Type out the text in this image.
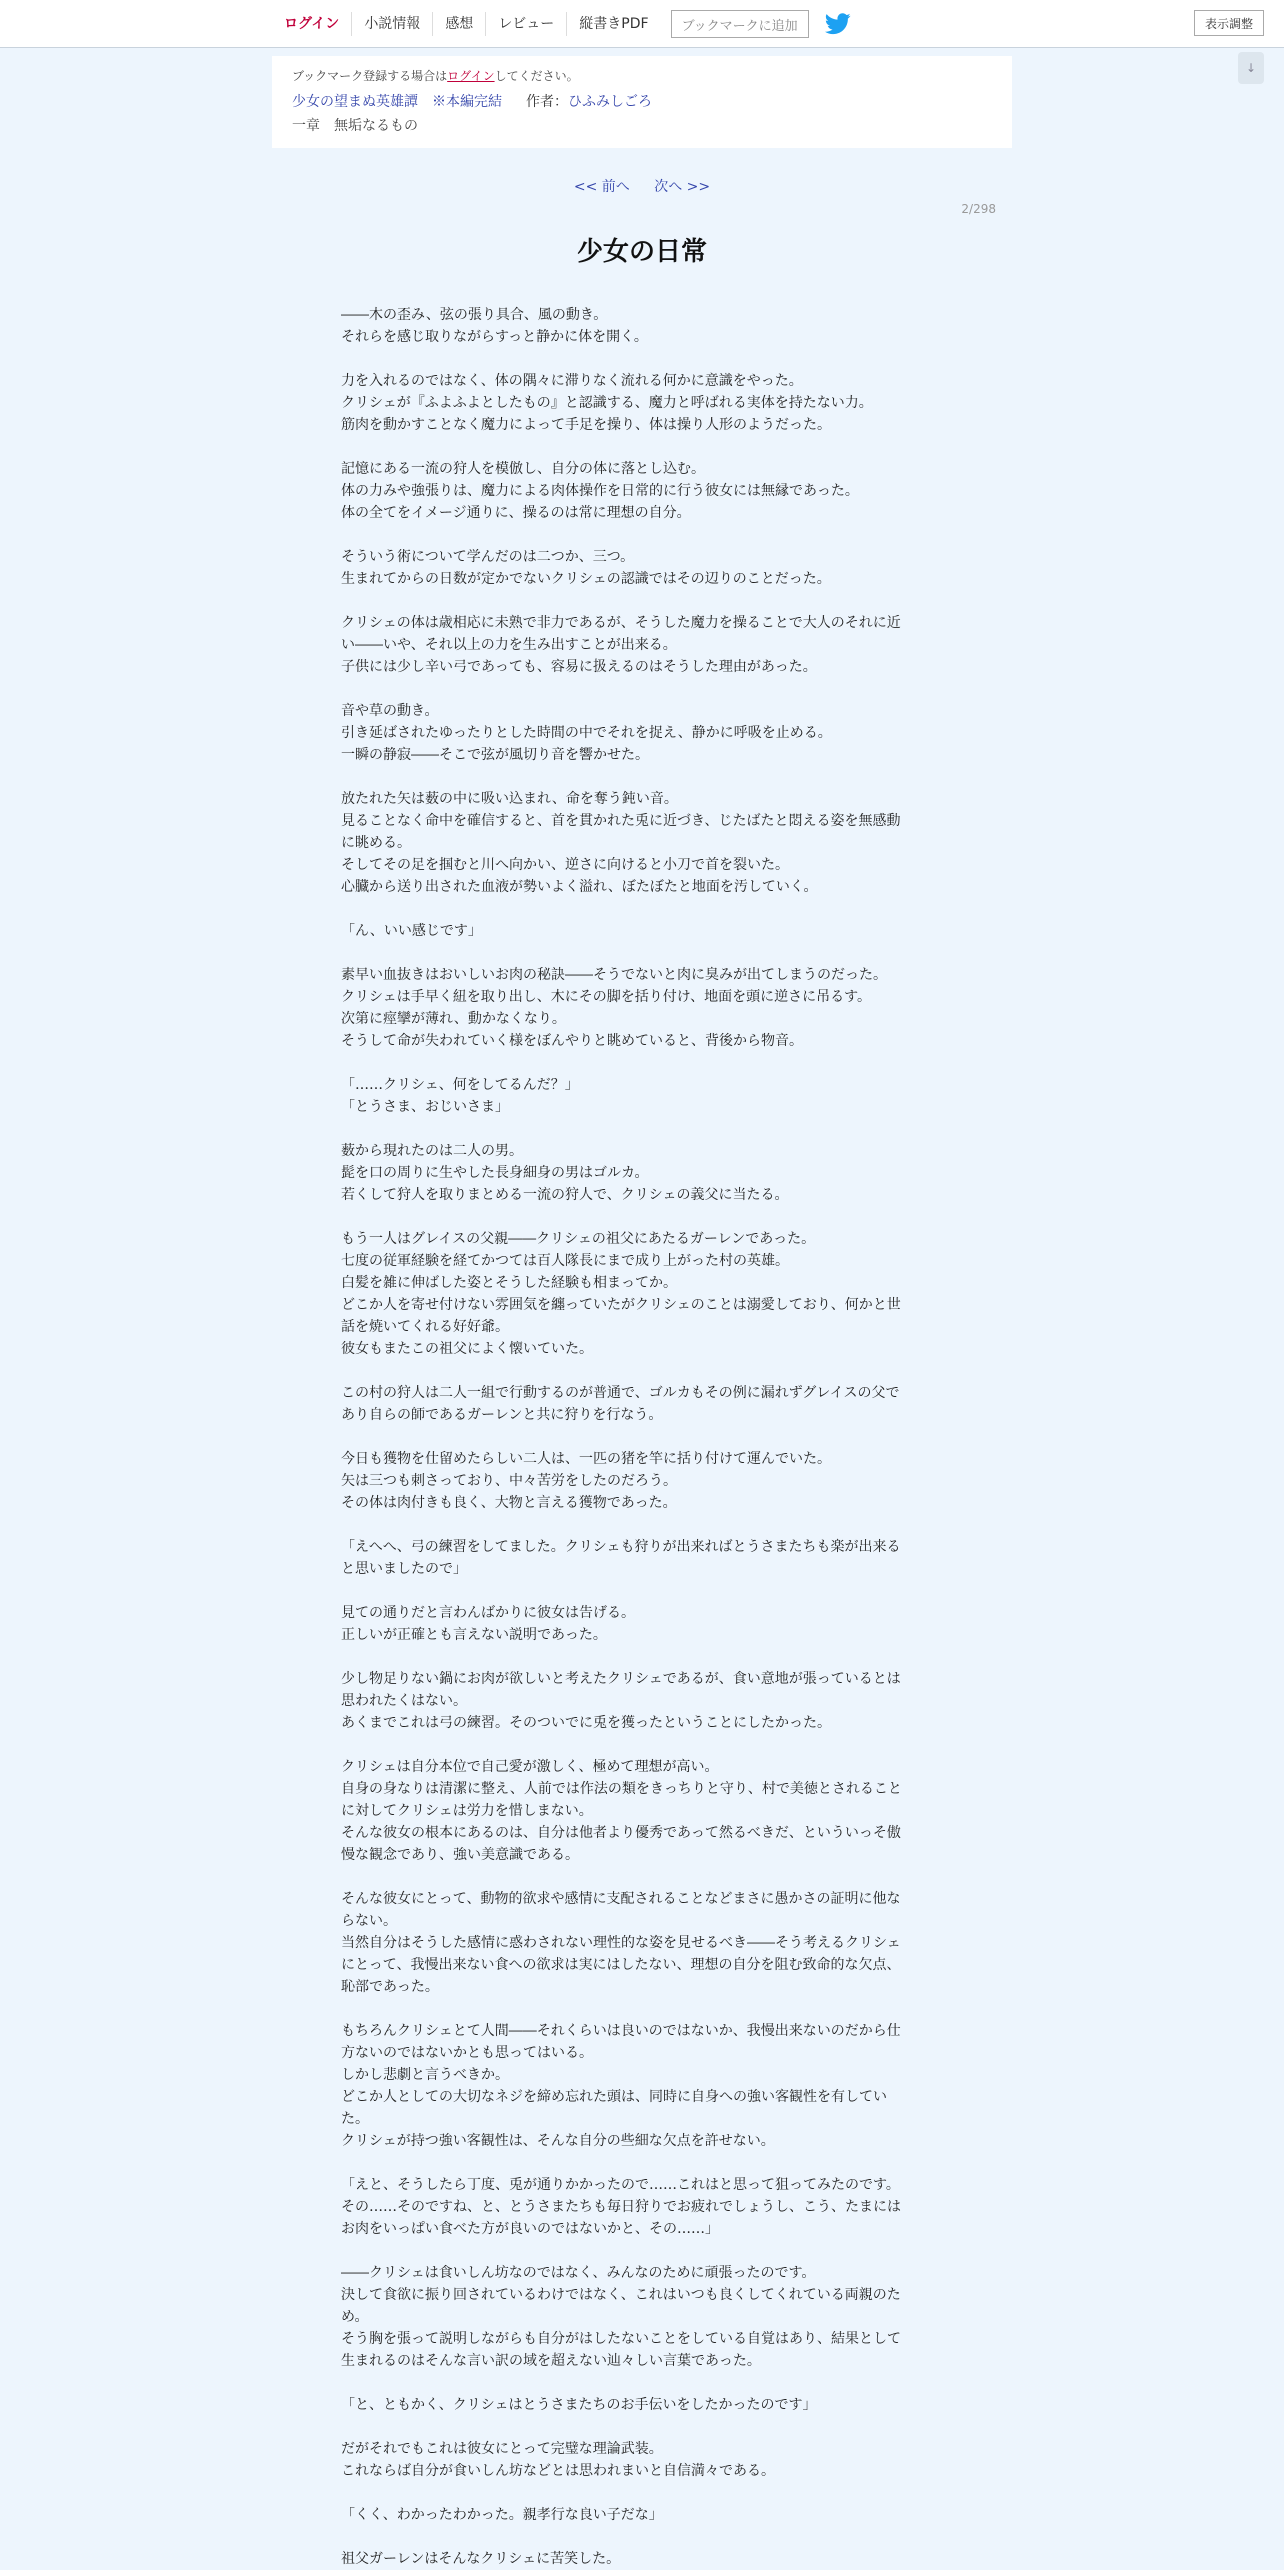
ログイン	小説情報	感想	レビュー	縦書きPDF	ブックマークに追加	表示調整
↓
ブックマーク登録する場合はログインしてください。
少女の望まぬ英雄譚 ※本編完結 作者：ひふみしごろ
一章　無垢なるもの
<< 前へ 次へ >>
2/298
少女の日常

――木の歪み、弦の張り具合、風の動き。

それらを感じ取りながらすっと静かに体を開く。

力を入れるのではなく、体の隅々に滞りなく流れる何かに意識をやった。

クリシェが『ふよふよとしたもの』と認識する、魔力と呼ばれる実体を持たない力。

筋肉を動かすことなく魔力によって手足を操り、体は操り人形のようだった。

記憶にある一流の狩人を模倣し、自分の体に落とし込む。

体の力みや強張りは、魔力による肉体操作を日常的に行う彼女には無縁であった。

体の全てをイメージ通りに、操るのは常に理想の自分。

そういう術について学んだのは二つか、三つ。

生まれてからの日数が定かでないクリシェの認識ではその辺りのことだった。

クリシェの体は歳相応に未熟で非力であるが、そうした魔力を操ることで大人のそれに近

い――いや、それ以上の力を生み出すことが出来る。

子供には少し辛い弓であっても、容易に扱えるのはそうした理由があった。

音や草の動き。

引き延ばされたゆったりとした時間の中でそれを捉え、静かに呼吸を止める。

一瞬の静寂――そこで弦が風切り音を響かせた。

放たれた矢は薮の中に吸い込まれ、命を奪う鈍い音。

見ることなく命中を確信すると、首を貫かれた兎に近づき、じたばたと悶える姿を無感動

に眺める。

そしてその足を掴むと川へ向かい、逆さに向けると小刀で首を裂いた。

心臓から送り出された血液が勢いよく溢れ、ぼたぼたと地面を汚していく。

「ん、いい感じです」

素早い血抜きはおいしいお肉の秘訣――そうでないと肉に臭みが出てしまうのだった。

クリシェは手早く紐を取り出し、木にその脚を括り付け、地面を頭に逆さに吊るす。

次第に痙攣が薄れ、動かなくなり。

そうして命が失われていく様をぼんやりと眺めていると、背後から物音。

「……クリシェ、何をしてるんだ？」

「とうさま、おじいさま」

薮から現れたのは二人の男。

髭を口の周りに生やした長身細身の男はゴルカ。

若くして狩人を取りまとめる一流の狩人で、クリシェの義父に当たる。

もう一人はグレイスの父親――クリシェの祖父にあたるガーレンであった。

七度の従軍経験を経てかつては百人隊長にまで成り上がった村の英雄。

白髪を雑に伸ばした姿とそうした経験も相まってか。

どこか人を寄せ付けない雰囲気を纏っていたがクリシェのことは溺愛しており、何かと世

話を焼いてくれる好好爺。

彼女もまたこの祖父によく懐いていた。

この村の狩人は二人一組で行動するのが普通で、ゴルカもその例に漏れずグレイスの父で

あり自らの師であるガーレンと共に狩りを行なう。

今日も獲物を仕留めたらしい二人は、一匹の猪を竿に括り付けて運んでいた。

矢は三つも刺さっており、中々苦労をしたのだろう。

その体は肉付きも良く、大物と言える獲物であった。

「えへへ、弓の練習をしてました。クリシェも狩りが出来ればとうさまたちも楽が出来る

と思いましたので」

見ての通りだと言わんばかりに彼女は告げる。

正しいが正確とも言えない説明であった。

少し物足りない鍋にお肉が欲しいと考えたクリシェであるが、食い意地が張っているとは

思われたくはない。

あくまでこれは弓の練習。そのついでに兎を獲ったということにしたかった。

クリシェは自分本位で自己愛が激しく、極めて理想が高い。

自身の身なりは清潔に整え、人前では作法の類をきっちりと守り、村で美徳とされること

に対してクリシェは労力を惜しまない。

そんな彼女の根本にあるのは、自分は他者より優秀であって然るべきだ、といういっそ傲

慢な観念であり、強い美意識である。

そんな彼女にとって、動物的欲求や感情に支配されることなどまさに愚かさの証明に他な

らない。

当然自分はそうした感情に惑わされない理性的な姿を見せるべき――そう考えるクリシェ

にとって、我慢出来ない食への欲求は実にはしたない、理想の自分を阻む致命的な欠点、

恥部であった。

もちろんクリシェとて人間――それくらいは良いのではないか、我慢出来ないのだから仕

方ないのではないかとも思ってはいる。

しかし悲劇と言うべきか。

どこか人としての大切なネジを締め忘れた頭は、同時に自身への強い客観性を有してい

た。

クリシェが持つ強い客観性は、そんな自分の些細な欠点を許せない。

「えと、そうしたら丁度、兎が通りかかったので……これはと思って狙ってみたのです。

その……そのですね、と、とうさまたちも毎日狩りでお疲れでしょうし、こう、たまには

お肉をいっぱい食べた方が良いのではないかと、その……」

――クリシェは食いしん坊なのではなく、みんなのために頑張ったのです。

決して食欲に振り回されているわけではなく、これはいつも良くしてくれている両親のた

め。

そう胸を張って説明しながらも自分がはしたないことをしている自覚はあり、結果として

生まれるのはそんな言い訳の域を超えない辿々しい言葉であった。

「と、ともかく、クリシェはとうさまたちのお手伝いをしたかったのです」

だがそれでもこれは彼女にとって完璧な理論武装。

これならば自分が食いしん坊などとは思われまいと自信満々である。

「くく、わかったわかった。親孝行な良い子だな」

祖父ガーレンはそんなクリシェに苦笑した。
